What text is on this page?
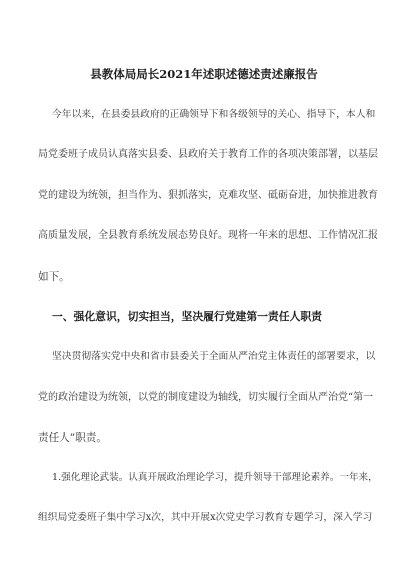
县教体局局长2021年述职述德述责述廉报告
今年以来，在县委县政府的正确领导下和各级领导的关心、指导下，本人和
局党委班子成员认真落实县委、县政府关于教育工作的各项决策部署，以基层
党的建设为统领，担当作为、狠抓落实，克难攻坚、砥砺奋进，加快推进教育
高质量发展，全县教育系统发展态势良好。现将一年来的思想、工作情况汇报
如下。
一、强化意识，切实担当，坚决履行党建第一责任人职责
坚决贯彻落实党中央和省市县委关于全面从严治党主体责任的部署要求，以
党的政治建设为统领，以党的制度建设为轴线，切实履行全面从严治党“第一
责任人”职责。
1.强化理论武装。认真开展政治理论学习，提升领导干部理论素养。一年来，
组织局党委班子集中学习x次，其中开展x次党史学习教育专题学习，深入学习
